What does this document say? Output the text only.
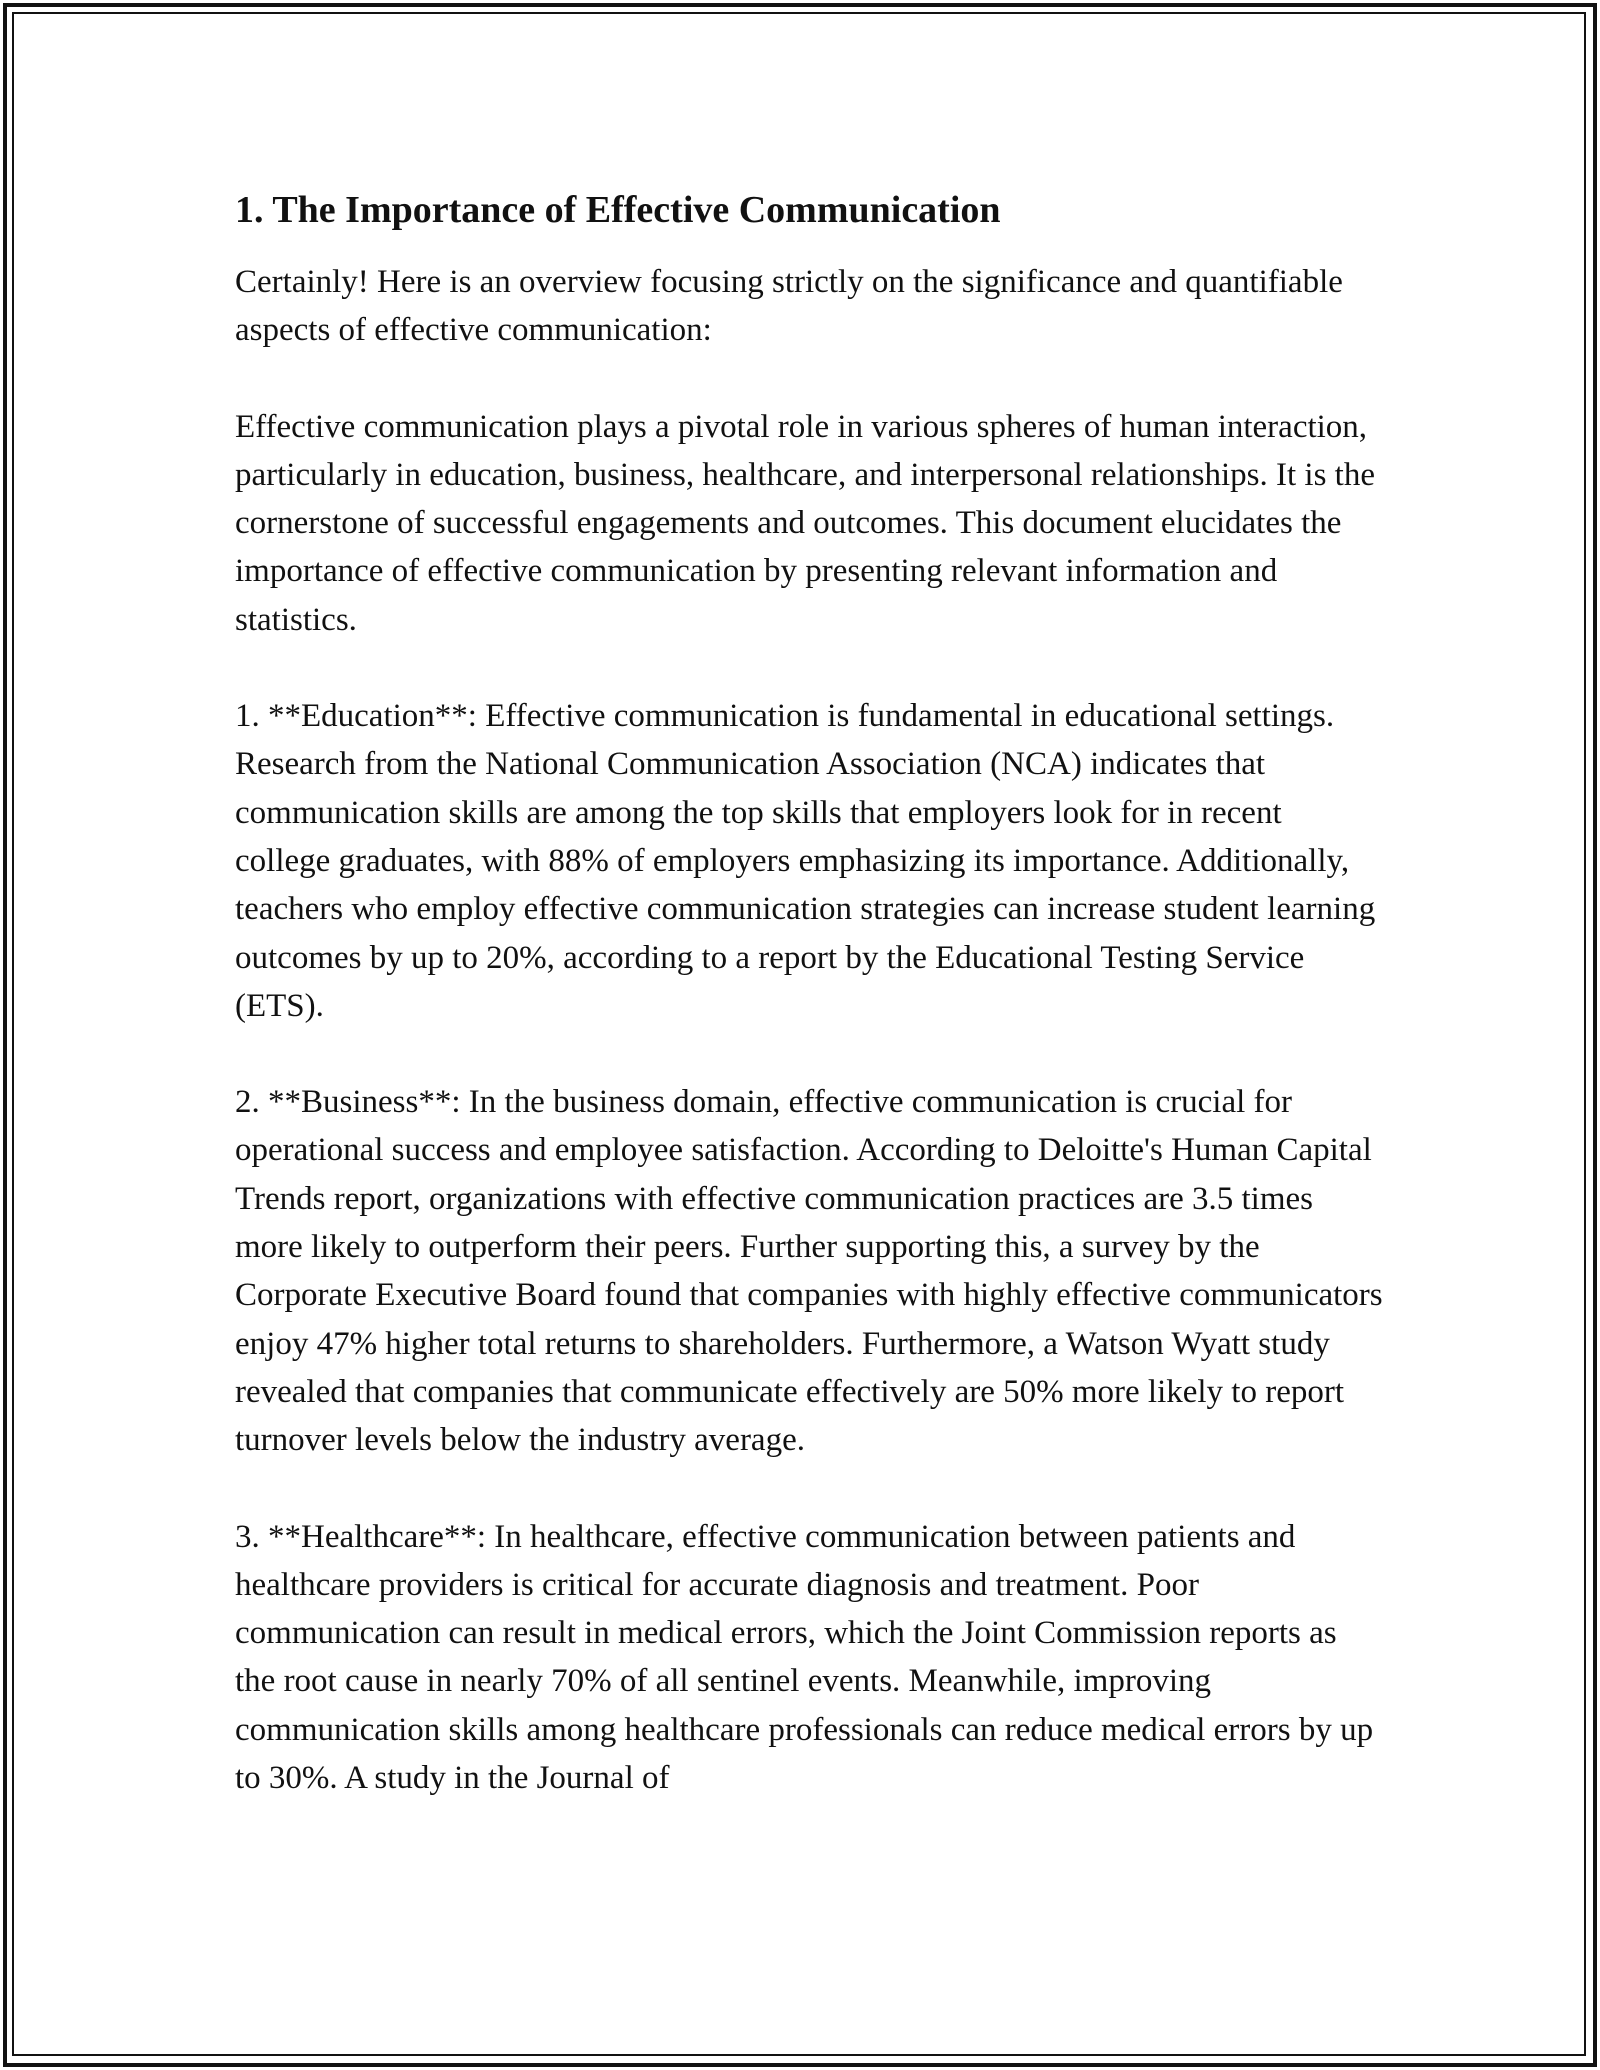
1. The Importance of Effective Communication

Certainly! Here is an overview focusing strictly on the significance and quantifiable aspects of effective communication:

Effective communication plays a pivotal role in various spheres of human interaction, particularly in education, business, healthcare, and interpersonal relationships. It is the cornerstone of successful engagements and outcomes. This document elucidates the importance of effective communication by presenting relevant information and statistics.

1. **Education**: Effective communication is fundamental in educational settings. Research from the National Communication Association (NCA) indicates that communication skills are among the top skills that employers look for in recent college graduates, with 88% of employers emphasizing its importance. Additionally, teachers who employ effective communication strategies can increase student learning outcomes by up to 20%, according to a report by the Educational Testing Service (ETS).

2. **Business**: In the business domain, effective communication is crucial for operational success and employee satisfaction. According to Deloitte's Human Capital Trends report, organizations with effective communication practices are 3.5 times more likely to outperform their peers. Further supporting this, a survey by the Corporate Executive Board found that companies with highly effective communicators enjoy 47% higher total returns to shareholders. Furthermore, a Watson Wyatt study revealed that companies that communicate effectively are 50% more likely to report turnover levels below the industry average.

3. **Healthcare**: In healthcare, effective communication between patients and healthcare providers is critical for accurate diagnosis and treatment. Poor communication can result in medical errors, which the Joint Commission reports as the root cause in nearly 70% of all sentinel events. Meanwhile, improving communication skills among healthcare professionals can reduce medical errors by up to 30%. A study in the Journal of
